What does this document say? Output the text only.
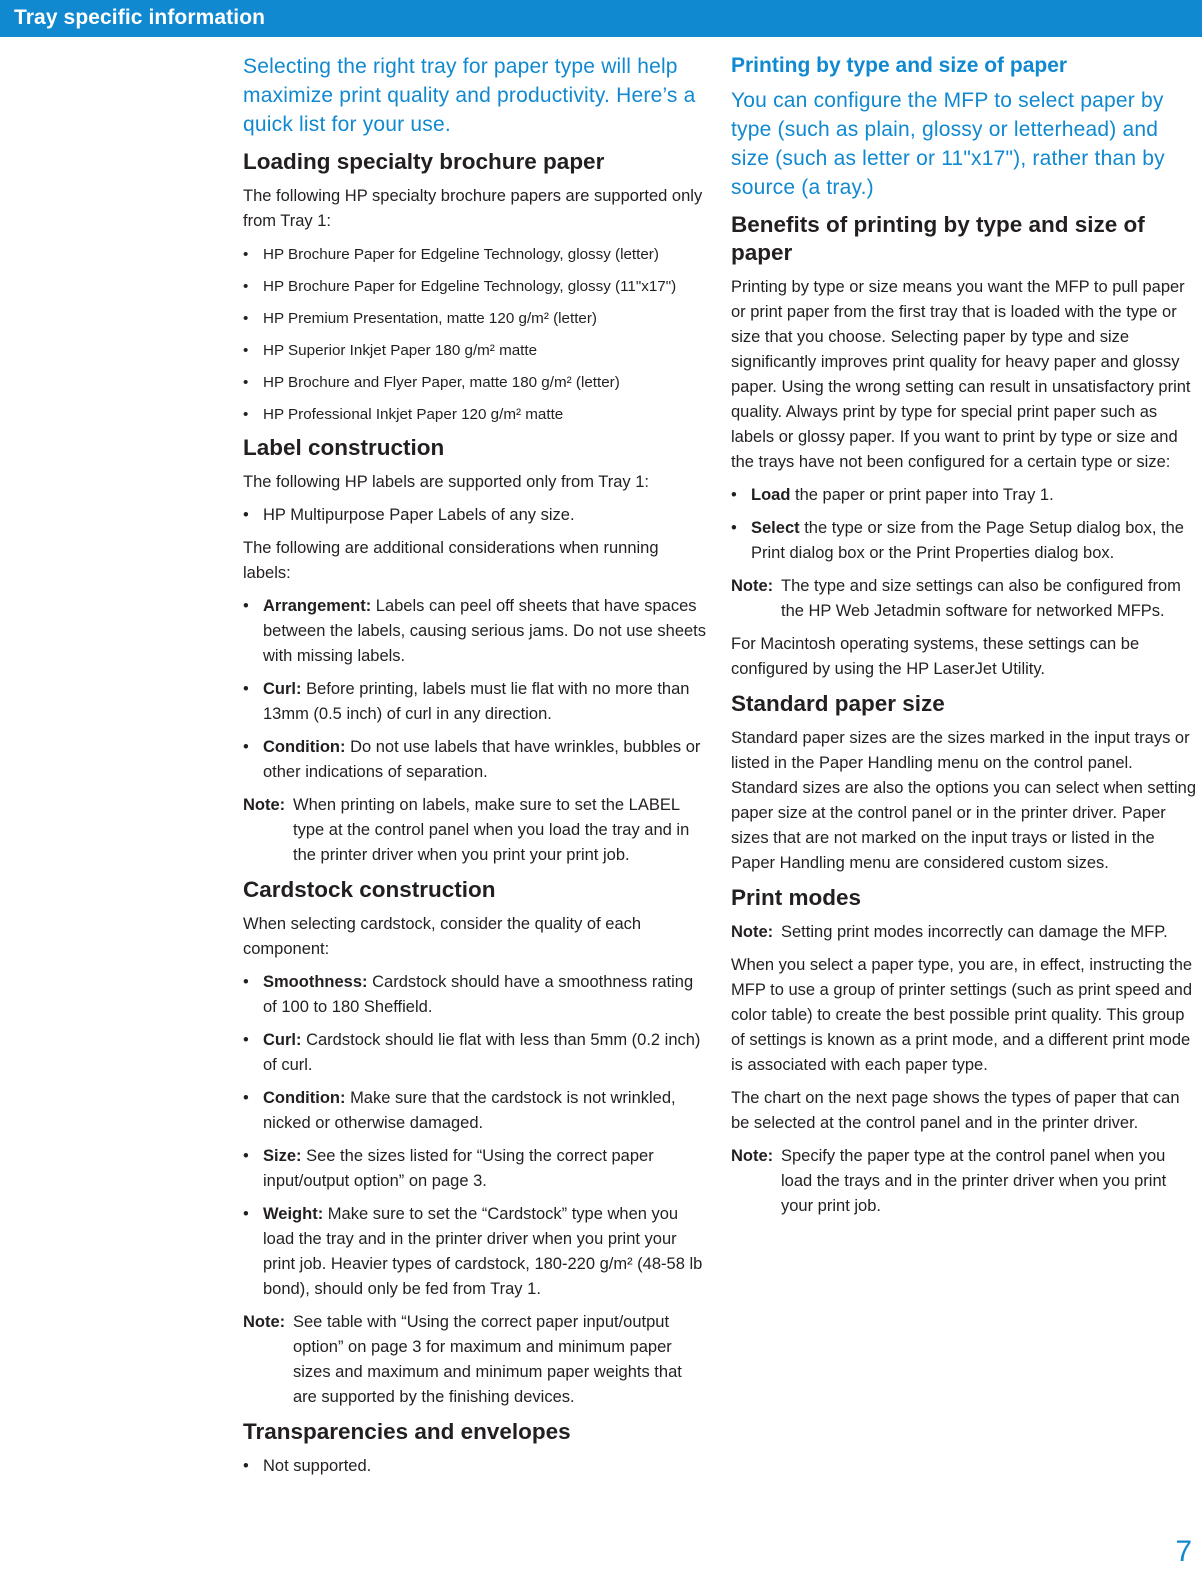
Tray specific information

Selecting the right tray for paper type will help maximize print quality and productivity. Here’s a quick list for your use.

Loading specialty brochure paper

The following HP specialty brochure papers are supported only from Tray 1:

• HP Brochure Paper for Edgeline Technology, glossy (letter)
• HP Brochure Paper for Edgeline Technology, glossy (11"x17")
• HP Premium Presentation, matte 120 g/m² (letter)
• HP Superior Inkjet Paper 180 g/m² matte
• HP Brochure and Flyer Paper, matte 180 g/m² (letter)
• HP Professional Inkjet Paper 120 g/m² matte
Label construction

The following HP labels are supported only from Tray 1:

• HP Multipurpose Paper Labels of any size.

The following are additional considerations when running labels:

• Arrangement: Labels can peel off sheets that have spaces between the labels, causing serious jams. Do not use sheets with missing labels.
• Curl: Before printing, labels must lie flat with no more than 13mm (0.5 inch) of curl in any direction.
• Condition: Do not use labels that have wrinkles, bubbles or other indications of separation.
Note: When printing on labels, make sure to set the LABEL type at the control panel when you load the tray and in the printer driver when you print your print job.
Cardstock construction

When selecting cardstock, consider the quality of each component:

• Smoothness: Cardstock should have a smoothness rating of 100 to 180 Sheffield.
• Curl: Cardstock should lie flat with less than 5mm (0.2 inch) of curl.
• Condition: Make sure that the cardstock is not wrinkled, nicked or otherwise damaged.
• Size: See the sizes listed for “Using the correct paper input/output option” on page 3.
• Weight: Make sure to set the “Cardstock” type when you load the tray and in the printer driver when you print your print job. Heavier types of cardstock, 180-220 g/m² (48-58 lb bond), should only be fed from Tray 1.
Note: See table with “Using the correct paper input/output option” on page 3 for maximum and minimum paper sizes and maximum and minimum paper weights that are supported by the finishing devices.
Transparencies and envelopes
• Not supported.
Printing by type and size of paper

You can configure the MFP to select paper by type (such as plain, glossy or letterhead) and size (such as letter or 11"x17"), rather than by source (a tray.)

Benefits of printing by type and size of paper

Printing by type or size means you want the MFP to pull paper or print paper from the first tray that is loaded with the type or size that you choose. Selecting paper by type and size significantly improves print quality for heavy paper and glossy paper. Using the wrong setting can result in unsatisfactory print quality. Always print by type for special print paper such as labels or glossy paper. If you want to print by type or size and the trays have not been configured for a certain type or size:

• Load the paper or print paper into Tray 1.
• Select the type or size from the Page Setup dialog box, the Print dialog box or the Print Properties dialog box.
Note: The type and size settings can also be configured from the HP Web Jetadmin software for networked MFPs.

For Macintosh operating systems, these settings can be configured by using the HP LaserJet Utility.

Standard paper size

Standard paper sizes are the sizes marked in the input trays or listed in the Paper Handling menu on the control panel. Standard sizes are also the options you can select when setting paper size at the control panel or in the printer driver. Paper sizes that are not marked on the input trays or listed in the Paper Handling menu are considered custom sizes.

Print modes
Note: Setting print modes incorrectly can damage the MFP.

When you select a paper type, you are, in effect, instructing the MFP to use a group of printer settings (such as print speed and color table) to create the best possible print quality. This group of settings is known as a print mode, and a different print mode is associated with each paper type.

The chart on the next page shows the types of paper that can be selected at the control panel and in the printer driver.

Note: Specify the paper type at the control panel when you load the trays and in the printer driver when you print your print job.
7
